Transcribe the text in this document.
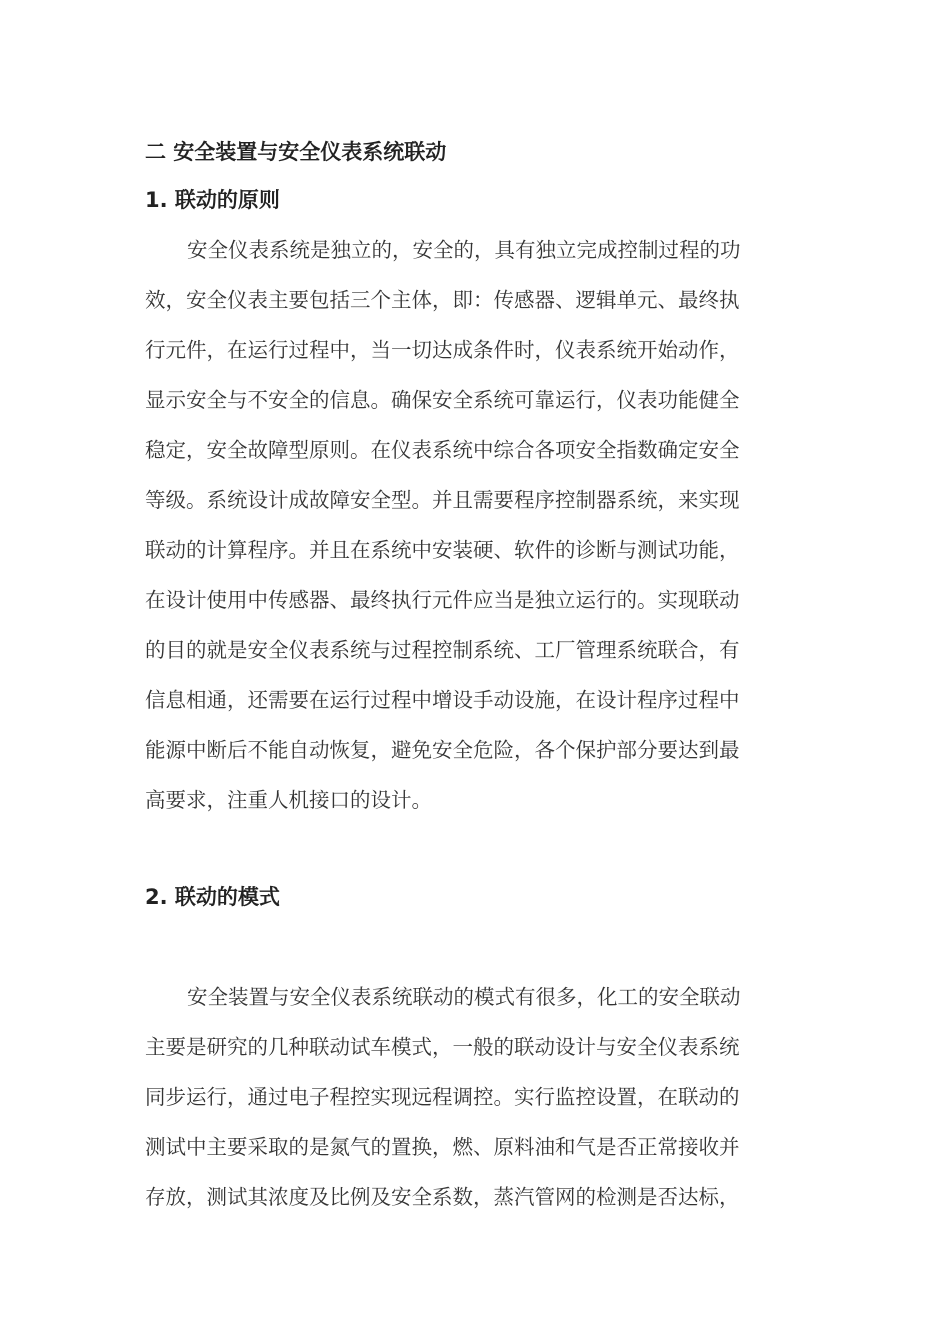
二 安全装置与安全仪表系统联动
1. 联动的原则
安全仪表系统是独立的，安全的，具有独立完成控制过程的功
效，安全仪表主要包括三个主体，即：传感器、逻辑单元、最终执
行元件，在运行过程中，当一切达成条件时，仪表系统开始动作，
显示安全与不安全的信息。确保安全系统可靠运行，仪表功能健全
稳定，安全故障型原则。在仪表系统中综合各项安全指数确定安全
等级。系统设计成故障安全型。并且需要程序控制器系统，来实现
联动的计算程序。并且在系统中安装硬、软件的诊断与测试功能，
在设计使用中传感器、最终执行元件应当是独立运行的。实现联动
的目的就是安全仪表系统与过程控制系统、工厂管理系统联合，有
信息相通，还需要在运行过程中增设手动设施，在设计程序过程中
能源中断后不能自动恢复，避免安全危险，各个保护部分要达到最
高要求，注重人机接口的设计。
2. 联动的模式
安全装置与安全仪表系统联动的模式有很多，化工的安全联动
主要是研究的几种联动试车模式，一般的联动设计与安全仪表系统
同步运行，通过电子程控实现远程调控。实行监控设置，在联动的
测试中主要采取的是氮气的置换，燃、原料油和气是否正常接收并
存放，测试其浓度及比例及安全系数，蒸汽管网的检测是否达标，
